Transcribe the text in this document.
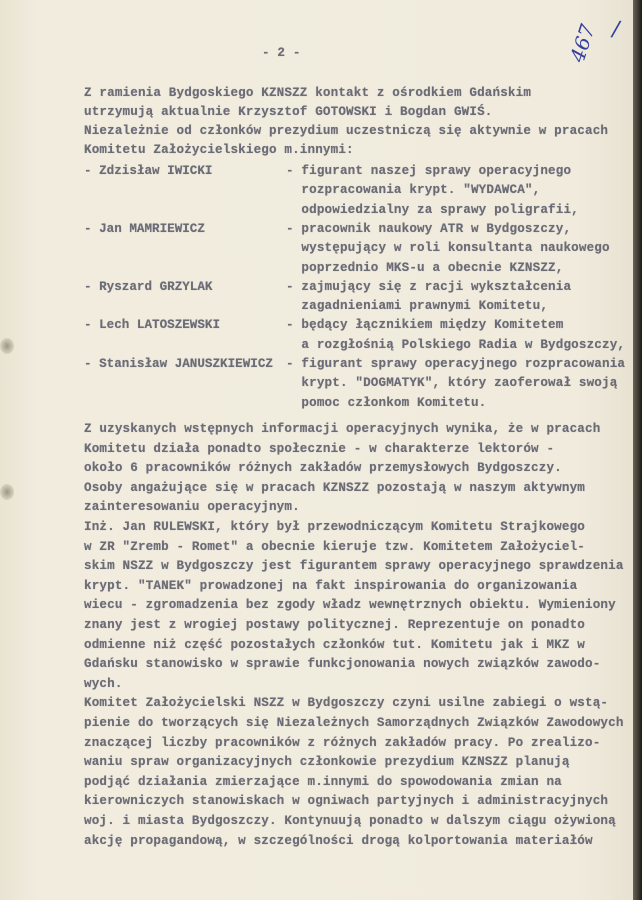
- 2 -	467 /
Z ramienia Bydgoskiego KZNSZZ kontakt z ośrodkiem Gdańskim
utrzymują aktualnie Krzysztof GOTOWSKI i Bogdan GWIŚ.
Niezależnie od członków prezydium uczestniczą się aktywnie w pracach
Komitetu Założycielskiego m.innymi:
- Zdzisław IWICKI	- figurant naszej sprawy operacyjnego
rozpracowania krypt. "WYDAWCA",
odpowiedzialny za sprawy poligrafii,
- Jan MAMRIEWICZ	- pracownik naukowy ATR w Bydgoszczy,
występujący w roli konsultanta naukowego
poprzednio MKS-u a obecnie KZNSZZ,
- Ryszard GRZYLAK	- zajmujący się z racji wykształcenia
zagadnieniami prawnymi Komitetu,
- Lech LATOSZEWSKI	- będący łącznikiem między Komitetem
a rozgłośnią Polskiego Radia w Bydgoszczy,
- Stanisław JANUSZKIEWICZ - figurant sprawy operacyjnego rozpracowania
krypt. "DOGMATYK", który zaoferował swoją
pomoc członkom Komitetu.
Z uzyskanych wstępnych informacji operacyjnych wynika, że w pracach
Komitetu działa ponadto społecznie - w charakterze lektorów -
około 6 pracowników różnych zakładów przemysłowych Bydgoszczy.
Osoby angażujące się w pracach KZNSZZ pozostają w naszym aktywnym
zainteresowaniu operacyjnym.
Inż. Jan RULEWSKI, który był przewodniczącym Komitetu Strajkowego
w ZR "Zremb - Romet" a obecnie kieruje tzw. Komitetem Założyciel-
skim NSZZ w Bydgoszczy jest figurantem sprawy operacyjnego sprawdzenia
krypt. "TANEK" prowadzonej na fakt inspirowania do organizowania
wiecu - zgromadzenia bez zgody władz wewnętrznych obiektu. Wymieniony
znany jest z wrogiej postawy politycznej. Reprezentuje on ponadto
odmienne niż część pozostałych członków tut. Komitetu jak i MKZ w
Gdańsku stanowisko w sprawie funkcjonowania nowych związków zawodo-
wych.
Komitet Założycielski NSZZ w Bydgoszczy czyni usilne zabiegi o wstą-
pienie do tworzących się Niezależnych Samorządnych Związków Zawodowych
znaczącej liczby pracowników z różnych zakładów pracy. Po zrealizo-
waniu spraw organizacyjnych członkowie prezydium KZNSZZ planują
podjąć działania zmierzające m.innymi do spowodowania zmian na
kierowniczych stanowiskach w ogniwach partyjnych i administracyjnych
woj. i miasta Bydgoszczy. Kontynuują ponadto w dalszym ciągu ożywioną
akcję propagandową, w szczególności drogą kolportowania materiałów
